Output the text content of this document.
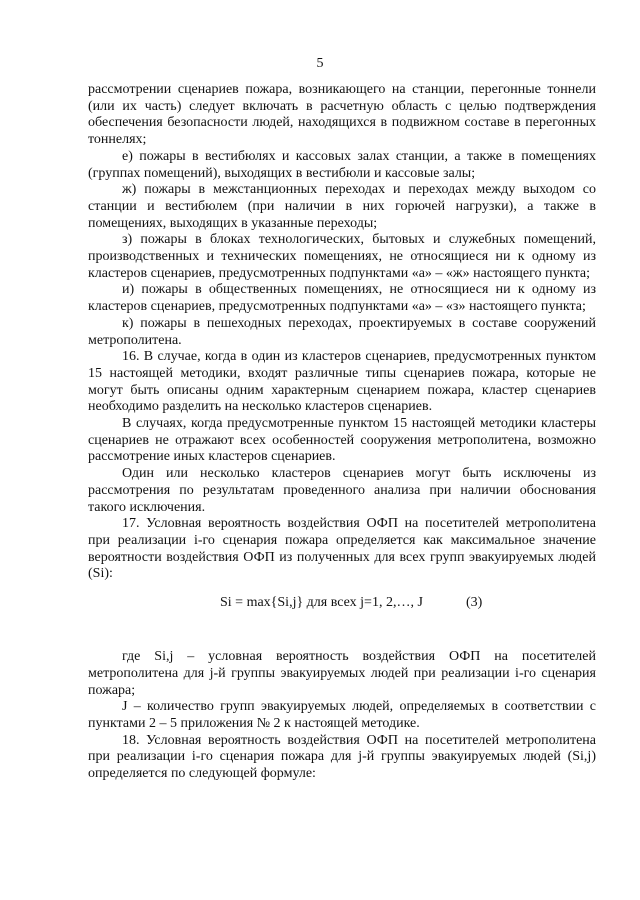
5

рассмотрении сценариев пожара, возникающего на станции, перегонные тоннели (или их часть) следует включать в расчетную область с целью подтверждения обеспечения безопасности людей, находящихся в подвижном составе в перегонных тоннелях;

е) пожары в вестибюлях и кассовых залах станции, а также в помещениях (группах помещений), выходящих в вестибюли и кассовые залы;

ж) пожары в межстанционных переходах и переходах между выходом со станции и вестибюлем (при наличии в них горючей нагрузки), а также в помещениях, выходящих в указанные переходы;

з) пожары в блоках технологических, бытовых и служебных помещений, производственных и технических помещениях, не относящиеся ни к одному из кластеров сценариев, предусмотренных подпунктами «а» – «ж» настоящего пункта;

и) пожары в общественных помещениях, не относящиеся ни к одному из кластеров сценариев, предусмотренных подпунктами «а» – «з» настоящего пункта;

к) пожары в пешеходных переходах, проектируемых в составе сооружений метрополитена.

16. В случае, когда в один из кластеров сценариев, предусмотренных пунктом 15 настоящей методики, входят различные типы сценариев пожара, которые не могут быть описаны одним характерным сценарием пожара, кластер сценариев необходимо разделить на несколько кластеров сценариев.

В случаях, когда предусмотренные пунктом 15 настоящей методики кластеры сценариев не отражают всех особенностей сооружения метрополитена, возможно рассмотрение иных кластеров сценариев.

Один или несколько кластеров сценариев могут быть исключены из рассмотрения по результатам проведенного анализа при наличии обоснования такого исключения.

17. Условная вероятность воздействия ОФП на посетителей метрополитена при реализации i-го сценария пожара определяется как максимальное значение вероятности воздействия ОФП из полученных для всех групп эвакуируемых людей (Si):

Si = max{Si,j} для всех j=1, 2,…, J	(3)

где Si,j – условная вероятность воздействия ОФП на посетителей метрополитена для j-й группы эвакуируемых людей при реализации i-го сценария пожара;

J – количество групп эвакуируемых людей, определяемых в соответствии с пунктами 2 – 5 приложения № 2 к настоящей методике.

18. Условная вероятность воздействия ОФП на посетителей метрополитена при реализации i-го сценария пожара для j-й группы эвакуируемых людей (Si,j) определяется по следующей формуле:
